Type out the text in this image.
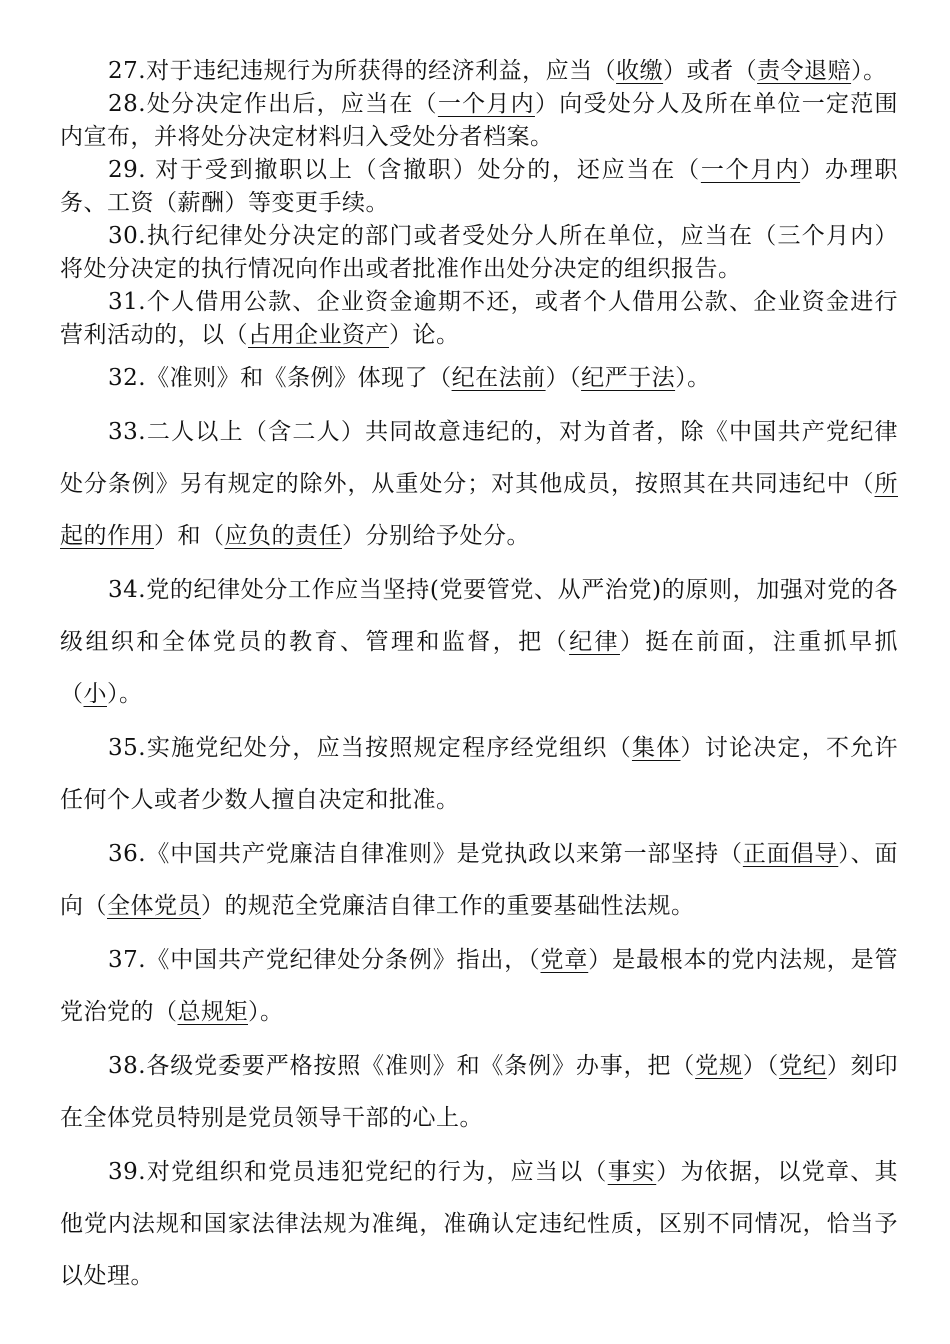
27.对于违纪违规行为所获得的经济利益，应当（收缴）或者（责令退赔）。

28.处分决定作出后，应当在（一个月内）向受处分人及所在单位一定范围内宣布，并将处分决定材料归入受处分者档案。

29. 对于受到撤职以上（含撤职）处分的，还应当在（一个月内）办理职务、工资（薪酬）等变更手续。

30.执行纪律处分决定的部门或者受处分人所在单位，应当在（三个月内）将处分决定的执行情况向作出或者批准作出处分决定的组织报告。

31.个人借用公款、企业资金逾期不还，或者个人借用公款、企业资金进行营利活动的，以（占用企业资产）论。

32.《准则》和《条例》体现了（纪在法前）（纪严于法）。

33.二人以上（含二人）共同故意违纪的，对为首者，除《中国共产党纪律处分条例》另有规定的除外，从重处分；对其他成员，按照其在共同违纪中（所起的作用）和（应负的责任）分别给予处分。

34.党的纪律处分工作应当坚持(党要管党、从严治党)的原则，加强对党的各级组织和全体党员的教育、管理和监督，把（纪律）挺在前面，注重抓早抓（小）。

35.实施党纪处分，应当按照规定程序经党组织（集体）讨论决定，不允许任何个人或者少数人擅自决定和批准。

36.《中国共产党廉洁自律准则》是党执政以来第一部坚持（正面倡导）、面向（全体党员）的规范全党廉洁自律工作的重要基础性法规。

37.《中国共产党纪律处分条例》指出，（党章）是最根本的党内法规，是管党治党的（总规矩）。

38.各级党委要严格按照《准则》和《条例》办事，把（党规）（党纪）刻印在全体党员特别是党员领导干部的心上。

39.对党组织和党员违犯党纪的行为，应当以（事实）为依据，以党章、其他党内法规和国家法律法规为准绳，准确认定违纪性质，区别不同情况，恰当予以处理。
